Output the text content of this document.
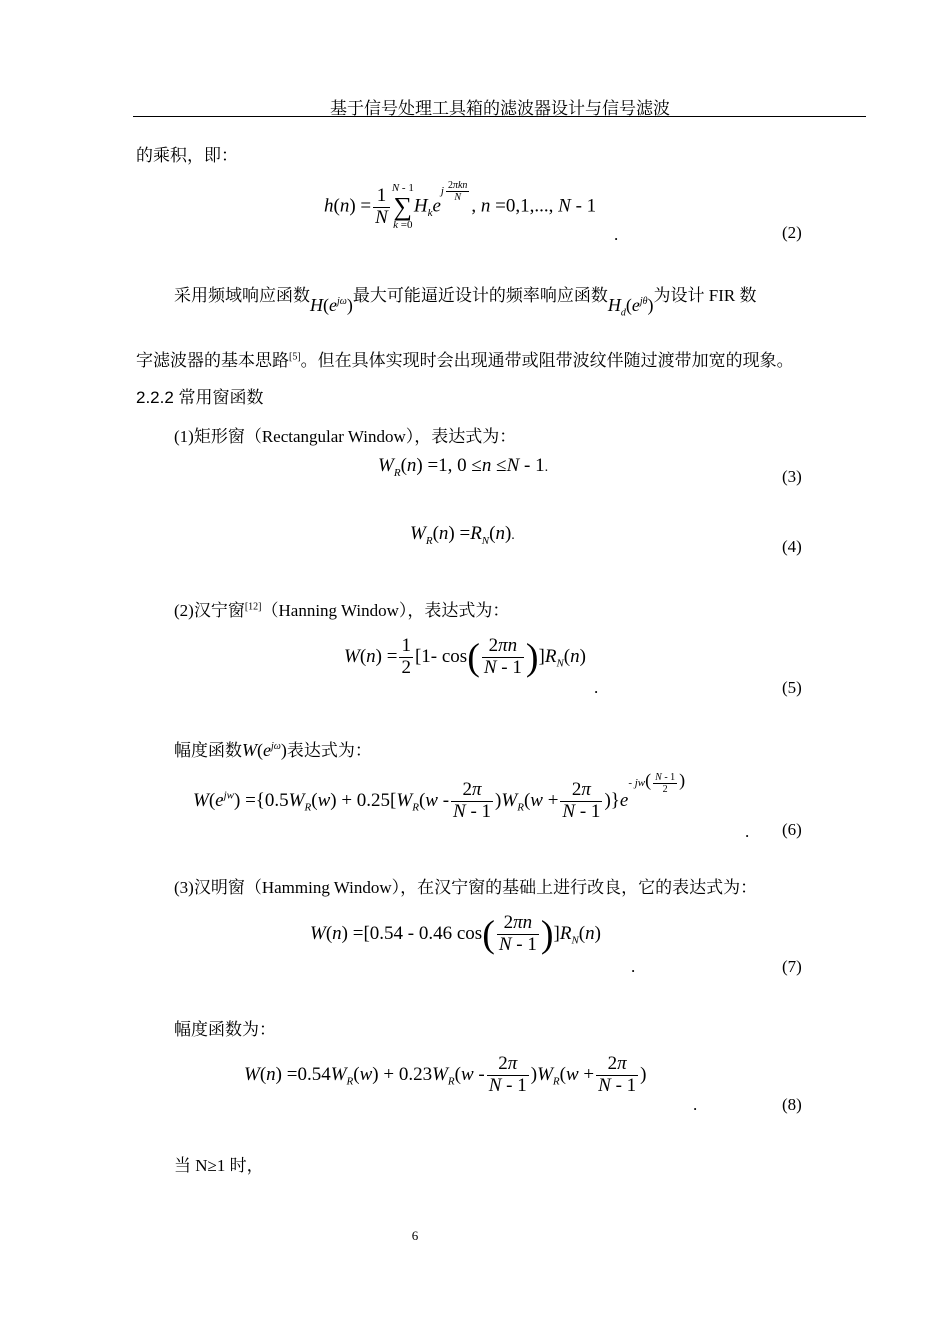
基于信号处理工具箱的滤波器设计与信号滤波
的乘积，即：
$h(n) = \frac{1}{N}$ N - 1
∑
k =0
$H_ke^{j \frac{\text{2πkn}}{N}}$
, n =0,1,..., N - 1
.	(2)
采用频域响应函数$H(e^{j\omega})$最大可能逼近设计的频率响应函数$H_d(e^{j\theta})$为设计 FIR 数
字滤波器的基本思路[5]。但在具体实现时会出现通带或阻带波纹伴随过渡带加宽的现象。
2.2.2 常用窗函数
(1)矩形窗（Rectangular Window），表达式为：
$W_R(n) =1$, 0 ≤n ≤N - 1.	(3)
$W_R(n) =R_N(n)$.
(4)
(2)汉宁窗[12]（Hanning Window），表达式为：
$W(n) = \frac{1}{2} [1-$ $\cos( \frac{2\pi n}{N - 1} )]R_N(n)$
.	(5)
幅度函数$W(e^{j\omega})$表达式为：
$W(e^{jw}) =\{0.5W_R(w) + 0.25[W_R(w - \frac{2\pi}{N - 1} )W_R(w + \frac{2\pi}{N - 1} )\}e^{- jw( \frac{N - 1}{2} )}$
. (6)
(3)汉明窗（Hamming Window），在汉宁窗的基础上进行改良，它的表达式为：
W(n) =[0.54 - 0.46 $\cos( \frac{2\pi n}{N - 1} )]R_N(n)$
.	(7)
幅度函数为：
$W(n) =0.54W_R(w) + 0.23W_R(w - \frac{2\pi}{N - 1} )W_R(w + \frac{2\pi}{N - 1}$ )
.	(8)
当 N≥1 时，
6
